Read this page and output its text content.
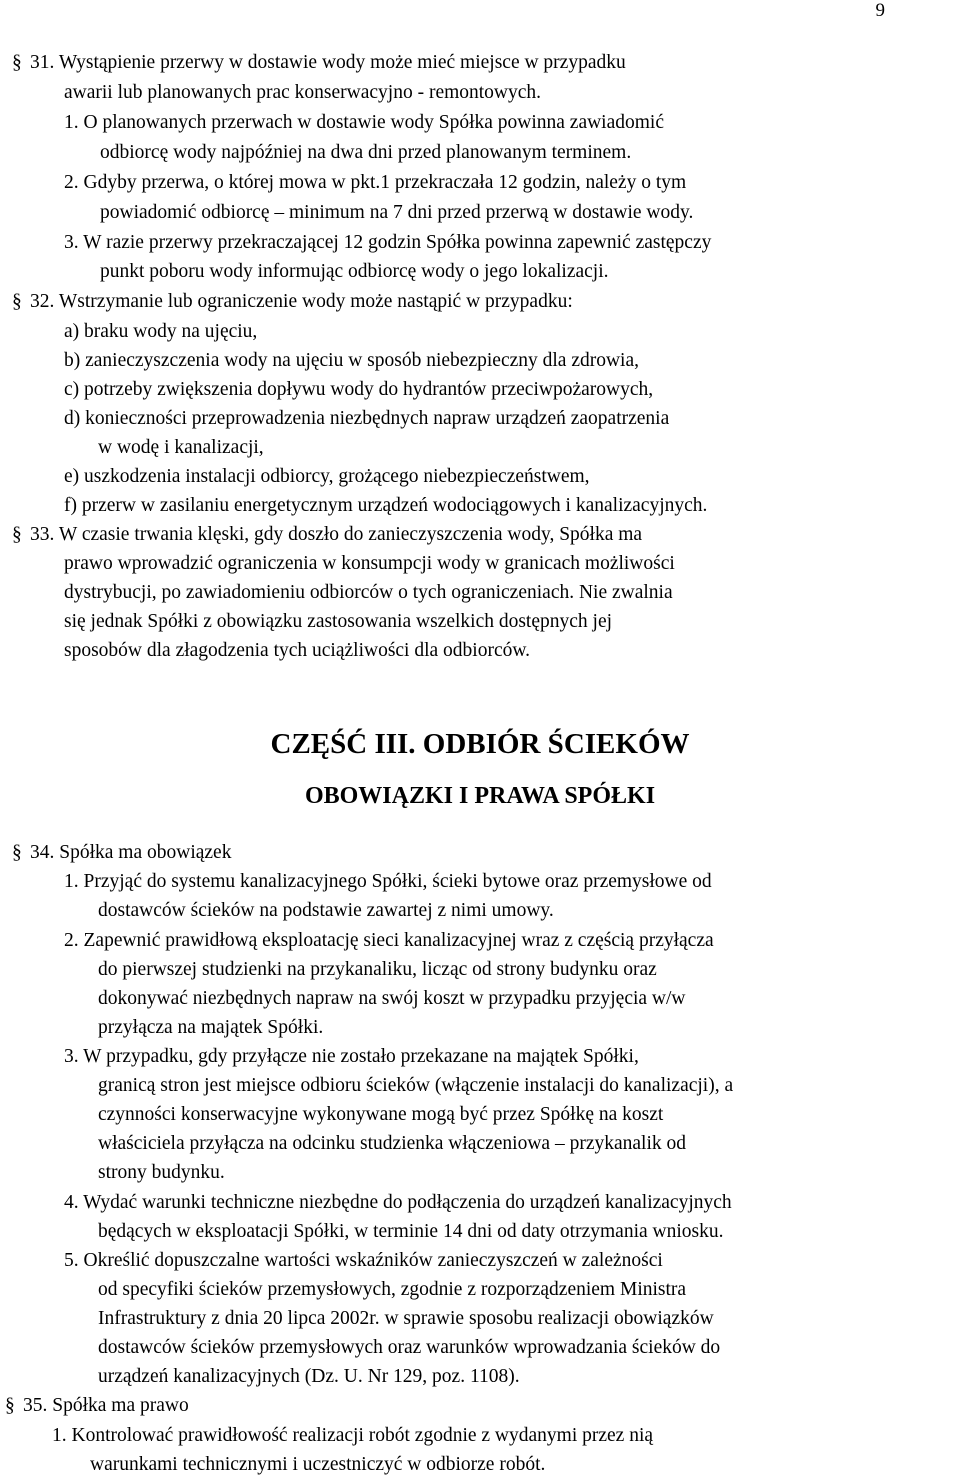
9
§ 31. Wystąpienie przerwy w dostawie wody może mieć miejsce w przypadku
awarii lub planowanych prac konserwacyjno - remontowych.
1. O planowanych przerwach w dostawie wody Spółka powinna zawiadomić
odbiorcę wody najpóźniej na dwa dni przed planowanym terminem.
2. Gdyby przerwa, o której mowa w pkt.1 przekraczała 12 godzin, należy o tym
powiadomić odbiorcę – minimum na 7 dni przed przerwą w dostawie wody.
3. W razie przerwy przekraczającej 12 godzin Spółka powinna zapewnić zastępczy
punkt poboru wody informując odbiorcę wody o jego lokalizacji.
§ 32. Wstrzymanie lub ograniczenie wody może nastąpić w przypadku:
a) braku wody na ujęciu,
b) zanieczyszczenia wody na ujęciu w sposób niebezpieczny dla zdrowia,
c) potrzeby zwiększenia dopływu wody do hydrantów przeciwpożarowych,
d) konieczności przeprowadzenia niezbędnych napraw urządzeń zaopatrzenia
w wodę i kanalizacji,
e) uszkodzenia instalacji odbiorcy, grożącego niebezpieczeństwem,
f) przerw w zasilaniu energetycznym urządzeń wodociągowych i kanalizacyjnych.
§ 33. W czasie trwania klęski, gdy doszło do zanieczyszczenia wody, Spółka ma
prawo wprowadzić ograniczenia w konsumpcji wody w granicach możliwości
dystrybucji, po zawiadomieniu odbiorców o tych ograniczeniach. Nie zwalnia
się jednak Spółki z obowiązku zastosowania wszelkich dostępnych jej
sposobów dla złagodzenia tych uciążliwości dla odbiorców.
CZĘŚĆ III. ODBIÓR ŚCIEKÓW
OBOWIĄZKI I PRAWA SPÓŁKI
§ 34. Spółka ma obowiązek
1. Przyjąć do systemu kanalizacyjnego Spółki, ścieki bytowe oraz przemysłowe od
dostawców ścieków na podstawie zawartej z nimi umowy.
2. Zapewnić prawidłową eksploatację sieci kanalizacyjnej wraz z częścią przyłącza
do pierwszej studzienki na przykanaliku, licząc od strony budynku oraz
dokonywać niezbędnych napraw na swój koszt w przypadku przyjęcia w/w
przyłącza na majątek Spółki.
3. W przypadku, gdy przyłącze nie zostało przekazane na majątek Spółki,
granicą stron jest miejsce odbioru ścieków (włączenie instalacji do kanalizacji), a
czynności konserwacyjne wykonywane mogą być przez Spółkę na koszt
właściciela przyłącza na odcinku studzienka włączeniowa – przykanalik od
strony budynku.
4. Wydać warunki techniczne niezbędne do podłączenia do urządzeń kanalizacyjnych
będących w eksploatacji Spółki, w terminie 14 dni od daty otrzymania wniosku.
5. Określić dopuszczalne wartości wskaźników zanieczyszczeń w zależności
od specyfiki ścieków przemysłowych, zgodnie z rozporządzeniem Ministra
Infrastruktury z dnia 20 lipca 2002r. w sprawie sposobu realizacji obowiązków
dostawców ścieków przemysłowych oraz warunków wprowadzania ścieków do
urządzeń kanalizacyjnych (Dz. U. Nr 129, poz. 1108).
§ 35. Spółka ma prawo
1. Kontrolować prawidłowość realizacji robót zgodnie z wydanymi przez nią
warunkami technicznymi i uczestniczyć w odbiorze robót.
